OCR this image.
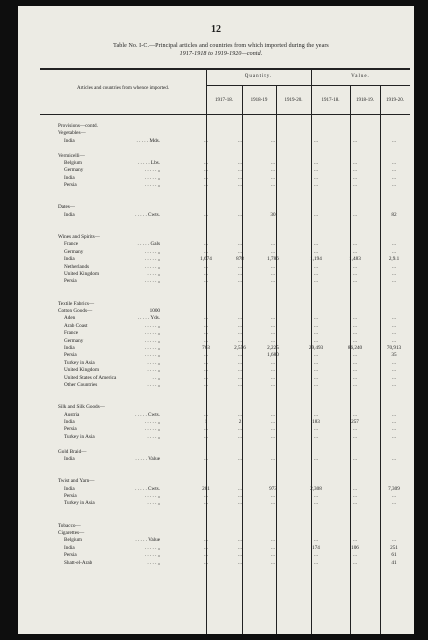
12
Table No. I-C.—Principal articles and countries from which imported during the years
1917-1918 to 1919-1920—contd.
Articles and countries from whence imported.
Quantity.	Value.
1917-18.	1918-19	1919-20.	1917-18.	1918-19.	1919-20.
Provisions—contd.
Vegetables—
India	. . . . . Mds.	...	...	...	...	...	...
Vermicelli—
Belgium	. . . . . Lbs.	...	...	...	...	...	...
Germany	. . . . . „	...	...	...	...	...	...
India	. . . . . „	...	...	...	...	...	...
Persia	. . . . . „	...	...	...	...	...	...
Dates—
India	. . . . . Cwts.	...	...	30	...	...	82
Wines and Spirits—
France	. . . . . Gals	...	...	...	...	...	...
Germany	. . . . . „	...	...	...	...	...	...
India	. . . . . „	1,674	878	1,786	1,194	1,483	2,9.1
Netherlands	. . . . . „	...	...	...	...	...	...
United Kingdom	. . . . „	...	...	...	...	...	...
Persia	. . . . . „	...	...	...	...	...	...
Textile Fabrics—
Cotton Goods—	1000
Aden	. . . . . Yds.	...	...	...	...	...	...
Arab Coast	. . . . . „	...	...	...	...	...	...
France	. . . . . „	...	...	...	...	...	...
Germany	. . . . . „	...	...	...	...	...	...
India	. . . . . „	763	2,556	2,225	29,493	86,240	70,913
Persia	. . . . . „	...	...	1,680	...	...	35
Turkey in Asia	. . . . „	...	...	...	...	...	...
United Kingdom	. . . . „	...	...	...	...	...	...
United States of America	. . „	...	...	...	...	...	...
Other Countries	. . . . „	...	...	...	...	...	...
Silk and Silk Goods—
Austria	. . . . . Cwts.	...	...	...	...	...	...
India	. . . . . „	1	2	...	183	257	...
Persia	. . . . . „	...	...	...	...	...	...
Turkey in Asia	. . . . „	...	...	...	...	...	...
Gold Braid—
India	. . . . . Value	...	...	...	...	...	...
Twist and Yarn—
India	. . . . . Cwts.	281	...	973	2,308	...	7,309
Persia	. . . . . „	...	...	...	...	...	...
Turkey in Asia	. . . . „	...	...	...	...	...	...
Tobacco—
Cigarettes—
Belgium	. . . . . Value	...	...	...	...	...	...
India	. . . . . „	...	...	...	174	106	251
Persia	. . . . . „	...	...	...	...	...	61
Shatt-el-Arab	. . . . „	...	...	...	...	...	41
